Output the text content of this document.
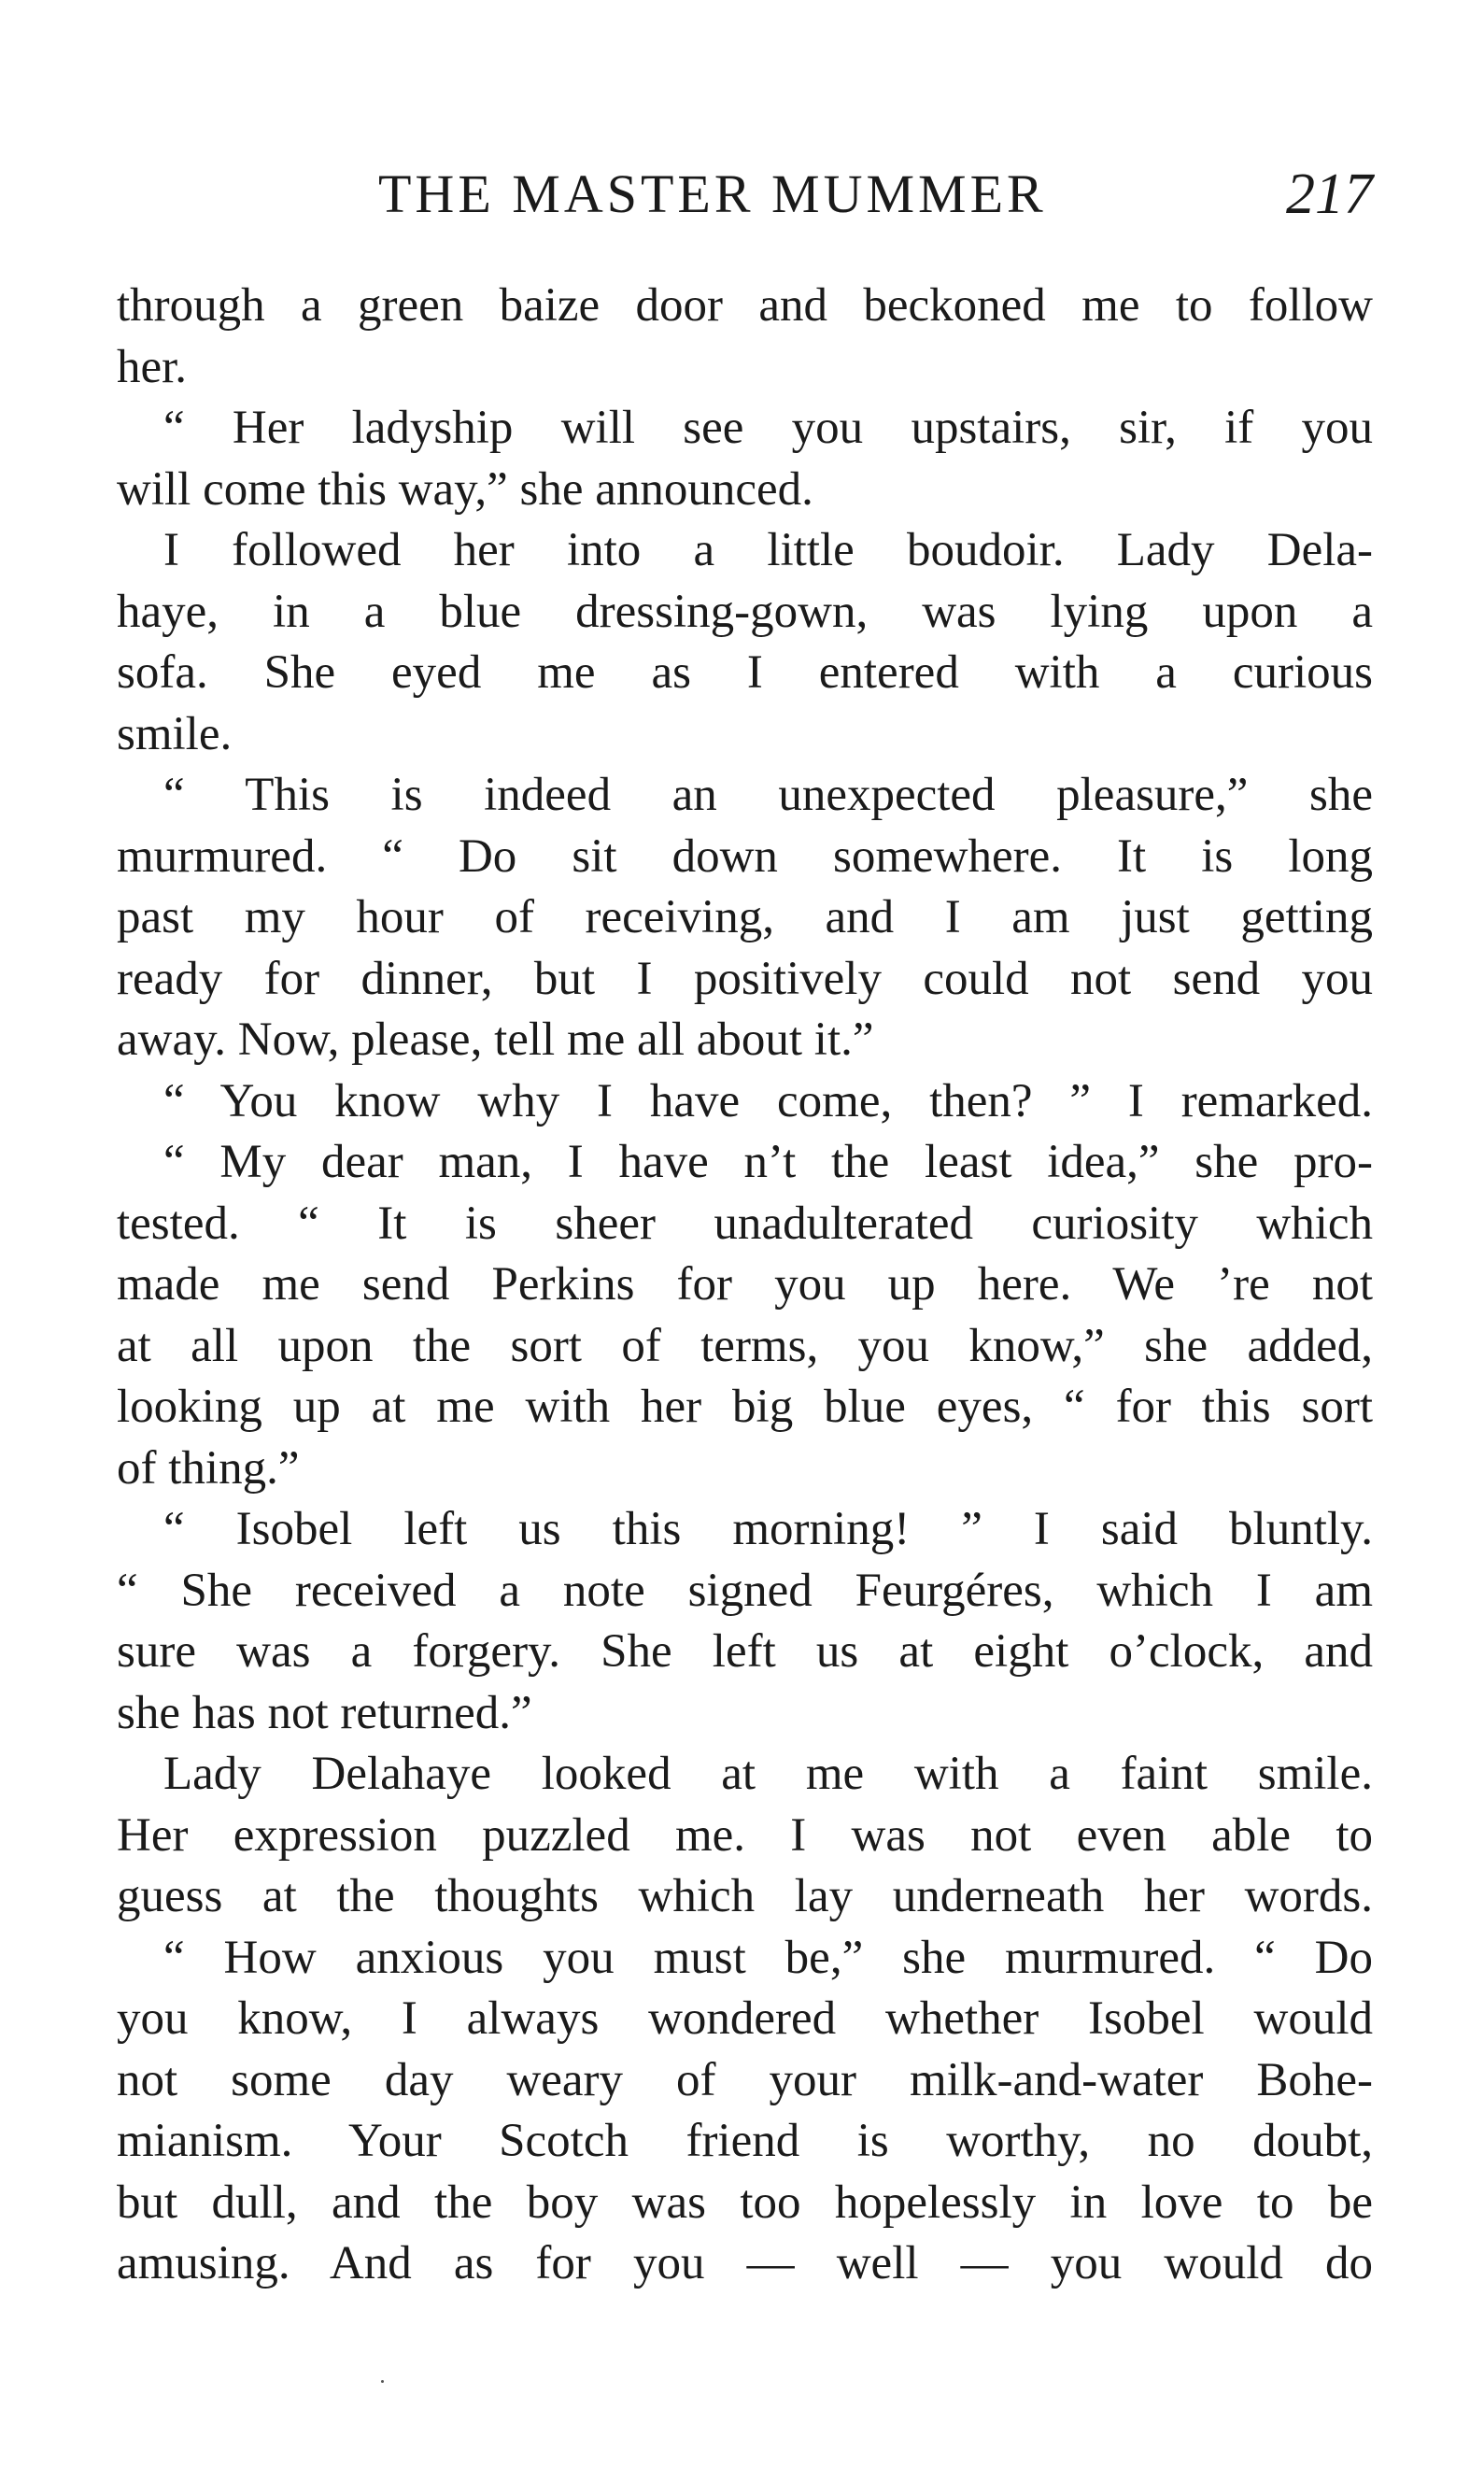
THE MASTER MUMMER	217
through a green baize door and beckoned me to follow
her.
“ Her ladyship will see you upstairs, sir, if you
will come this way,” she announced.
I followed her into a little boudoir. Lady Dela-
haye, in a blue dressing-gown, was lying upon a
sofa. She eyed me as I entered with a curious
smile.
“ This is indeed an unexpected pleasure,” she
murmured. “ Do sit down somewhere. It is long
past my hour of receiving, and I am just getting
ready for dinner, but I positively could not send you
away. Now, please, tell me all about it.”
“ You know why I have come, then? ” I remarked.
“ My dear man, I have n’t the least idea,” she pro-
tested. “ It is sheer unadulterated curiosity which
made me send Perkins for you up here. We ’re not
at all upon the sort of terms, you know,” she added,
looking up at me with her big blue eyes, “ for this sort
of thing.”
“ Isobel left us this morning! ” I said bluntly.
“ She received a note signed Feurgéres, which I am
sure was a forgery. She left us at eight o’clock, and
she has not returned.”
Lady Delahaye looked at me with a faint smile.
Her expression puzzled me. I was not even able to
guess at the thoughts which lay underneath her words.
“ How anxious you must be,” she murmured. “ Do
you know, I always wondered whether Isobel would
not some day weary of your milk-and-water Bohe-
mianism. Your Scotch friend is worthy, no doubt,
but dull, and the boy was too hopelessly in love to be
amusing. And as for you — well — you would do
